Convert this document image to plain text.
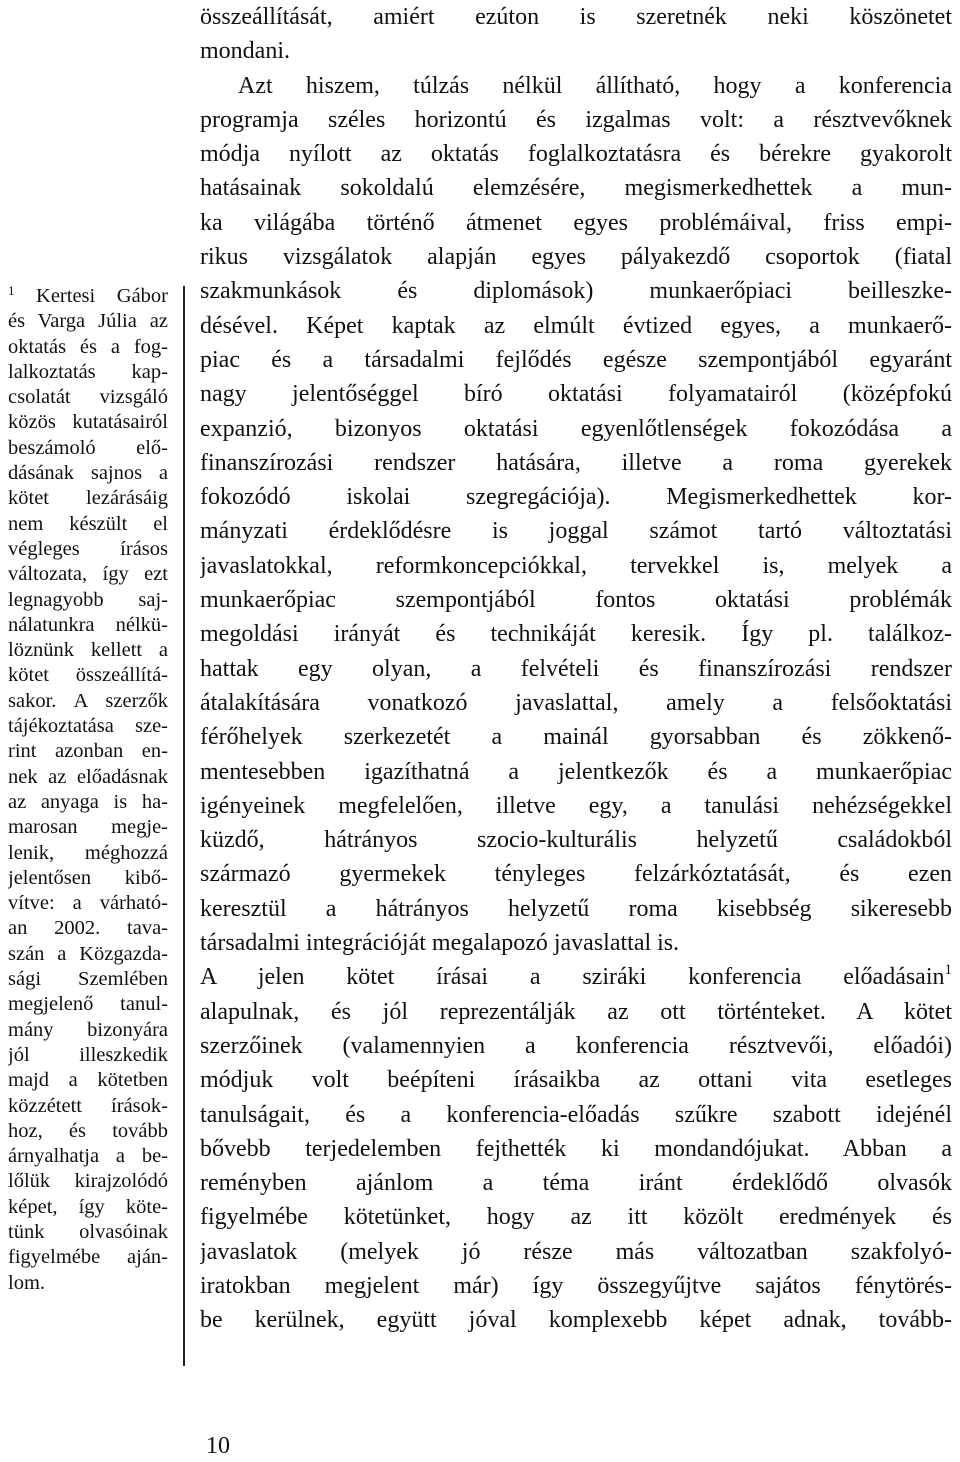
$^1$ Kertesi Gábor
és Varga Júlia az
oktatás és a fog-
lalkoztatás kap-
csolatát vizsgáló
közös kutatásairól
beszámoló elő-
dásának sajnos a
kötet lezárásáig
nem készült el
végleges írásos
változata, így ezt
legnagyobb saj-
nálatunkra nélkü-
löznünk kellett a
kötet összeállítá-
sakor. A szerzők
tájékoztatása sze-
rint azonban en-
nek az előadásnak
az anyaga is ha-
marosan megje-
lenik, méghozzá
jelentősen kibő-
vítve: a várható-
an 2002. tava-
szán a Közgazda-
sági Szemlében
megjelenő tanul-
mány bizonyára
jól illeszkedik
majd a kötetben
közzétett írások-
hoz, és tovább
árnyalhatja a be-
lőlük kirajzolódó
képet, így kötе-
tünk olvasóinak
figyelmébe aján-
lom.
összeállítását, amiért ezúton is szeretnék neki köszönetet
mondani.
Azt hiszem, túlzás nélkül állítható, hogy a konferencia
programja széles horizontú és izgalmas volt: a résztvevőknek
módja nyílott az oktatás foglalkoztatásra és bérekre gyakorolt
hatásainak sokoldalú elemzésére, megismerkedhettek a mun-
ka világába történő átmenet egyes problémáival, friss empi-
rikus vizsgálatok alapján egyes pályakezdő csoportok (fiatal
szakmunkások és diplomások) munkaerőpiaci beilleszke-
désével. Képet kaptak az elmúlt évtized egyes, a munkaerő-
piac és a társadalmi fejlődés egésze szempontjából egyaránt
nagy jelentőséggel bíró oktatási folyamatairól (középfokú
expanzió, bizonyos oktatási egyenlőtlenségek fokozódása a
finanszírozási rendszer hatására, illetve a roma gyerekek
fokozódó iskolai szegregációja). Megismerkedhettek kor-
mányzati érdeklődésre is joggal számot tartó változtatási
javaslatokkal, reformkoncepciókkal, tervekkel is, melyek a
munkaerőpiac szempontjából fontos oktatási problémák
megoldási irányát és technikáját keresik. Így pl. találkoz-
hattak egy olyan, a felvételi és finanszírozási rendszer
átalakítására vonatkozó javaslattal, amely a felsőoktatási
férőhelyek szerkezetét a mainál gyorsabban és zökkenő-
mentesebben igazíthatná a jelentkezők és a munkaerőpiac
igényeinek megfelelően, illetve egy, a tanulási nehézségekkel
küzdő, hátrányos szocio-kulturális helyzetű családokból
származó gyermekek tényleges felzárkóztatását, és ezen
keresztül a hátrányos helyzetű roma kisebbség sikeresebb
társadalmi integrációját megalapozó javaslattal is.
A jelen kötet írásai a sziráki konferencia előadásain$^1$
alapulnak, és jól reprezentálják az ott történteket. A kötet
szerzőinek (valamennyien a konferencia résztvevői, előadói)
módjuk volt beépíteni írásaikba az ottani vita esetleges
tanulságait, és a konferencia-előadás szűkre szabott idejénél
bővebb terjedelemben fejthették ki mondandójukat. Abban a
reményben ajánlom a téma iránt érdeklődő olvasók
figyelmébe kötetünket, hogy az itt közölt eredmények és
javaslatok (melyek jó része más változatban szakfolyó-
iratokban megjelent már) így összegyűjtve sajátos fénytörés-
be kerülnek, együtt jóval komplexebb képet adnak, tovább-
10
